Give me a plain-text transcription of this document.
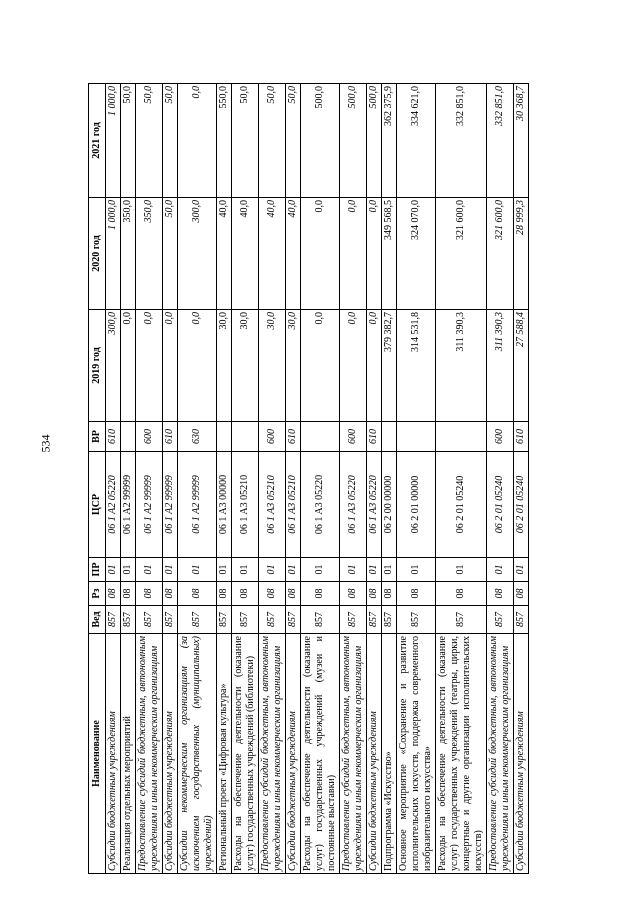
534
Наименование	Вед	Рз	ПР	ЦСР	ВР	2019 год	2020 год	2021 год
Субсидии бюджетным учреждениям	857	08	01	06 1 A2 05220	610	300,0	1 000,0	1 000,0
Реализация отдельных мероприятий	857	08	01	06 1 A2 99999		0,0	350,0	50,0
Предоставление субсидий бюджетным, автономным учреждениям и иным некоммерческим организациям	857	08	01	06 1 A2 99999	600	0,0	350,0	50,0
Субсидии бюджетным учреждениям	857	08	01	06 1 A2 99999	610	0,0	50,0	50,0
Субсидии некоммерческим организациям (за исключением государственных (муниципальных) учреждений)	857	08	01	06 1 A2 99999	630	0,0	300,0	0,0
Региональный проект «Цифровая культура»	857	08	01	06 1 A3 00000		30,0	40,0	550,0
Расходы на обеспечение деятельности (оказание услуг) государственных учреждений (библиотеки)	857	08	01	06 1 A3 05210		30,0	40,0	50,0
Предоставление субсидий бюджетным, автономным учреждениям и иным некоммерческим организациям	857	08	01	06 1 A3 05210	600	30,0	40,0	50,0
Субсидии бюджетным учреждениям	857	08	01	06 1 A3 05210	610	30,0	40,0	50,0
Расходы на обеспечение деятельности (оказание услуг) государственных учреждений (музеи и постоянные выставки)	857	08	01	06 1 A3 05220		0,0	0,0	500,0
Предоставление субсидий бюджетным, автономным учреждениям и иным некоммерческим организациям	857	08	01	06 1 A3 05220	600	0,0	0,0	500,0
Субсидии бюджетным учреждениям	857	08	01	06 1 A3 05220	610	0,0	0,0	500,0
Подпрограмма «Искусство»	857	08	01	06 2 00 00000		379 382,7	349 568,5	362 375,9
Основное мероприятие «Сохранение и развитие исполнительских искусств, поддержка современного изобразительного искусства»	857	08	01	06 2 01 00000		314 531,8	324 070,0	334 621,0
Расходы на обеспечение деятельности (оказание услуг) государственных учреждений (театры, цирки, концертные и другие организации исполнительских искусств)	857	08	01	06 2 01 05240		311 390,3	321 600,0	332 851,0
Предоставление субсидий бюджетным, автономным учреждениям и иным некоммерческим организациям	857	08	01	06 2 01 05240	600	311 390,3	321 600,0	332 851,0
Субсидии бюджетным учреждениям	857	08	01	06 2 01 05240	610	27 588,4	28 999,3	30 368,7
